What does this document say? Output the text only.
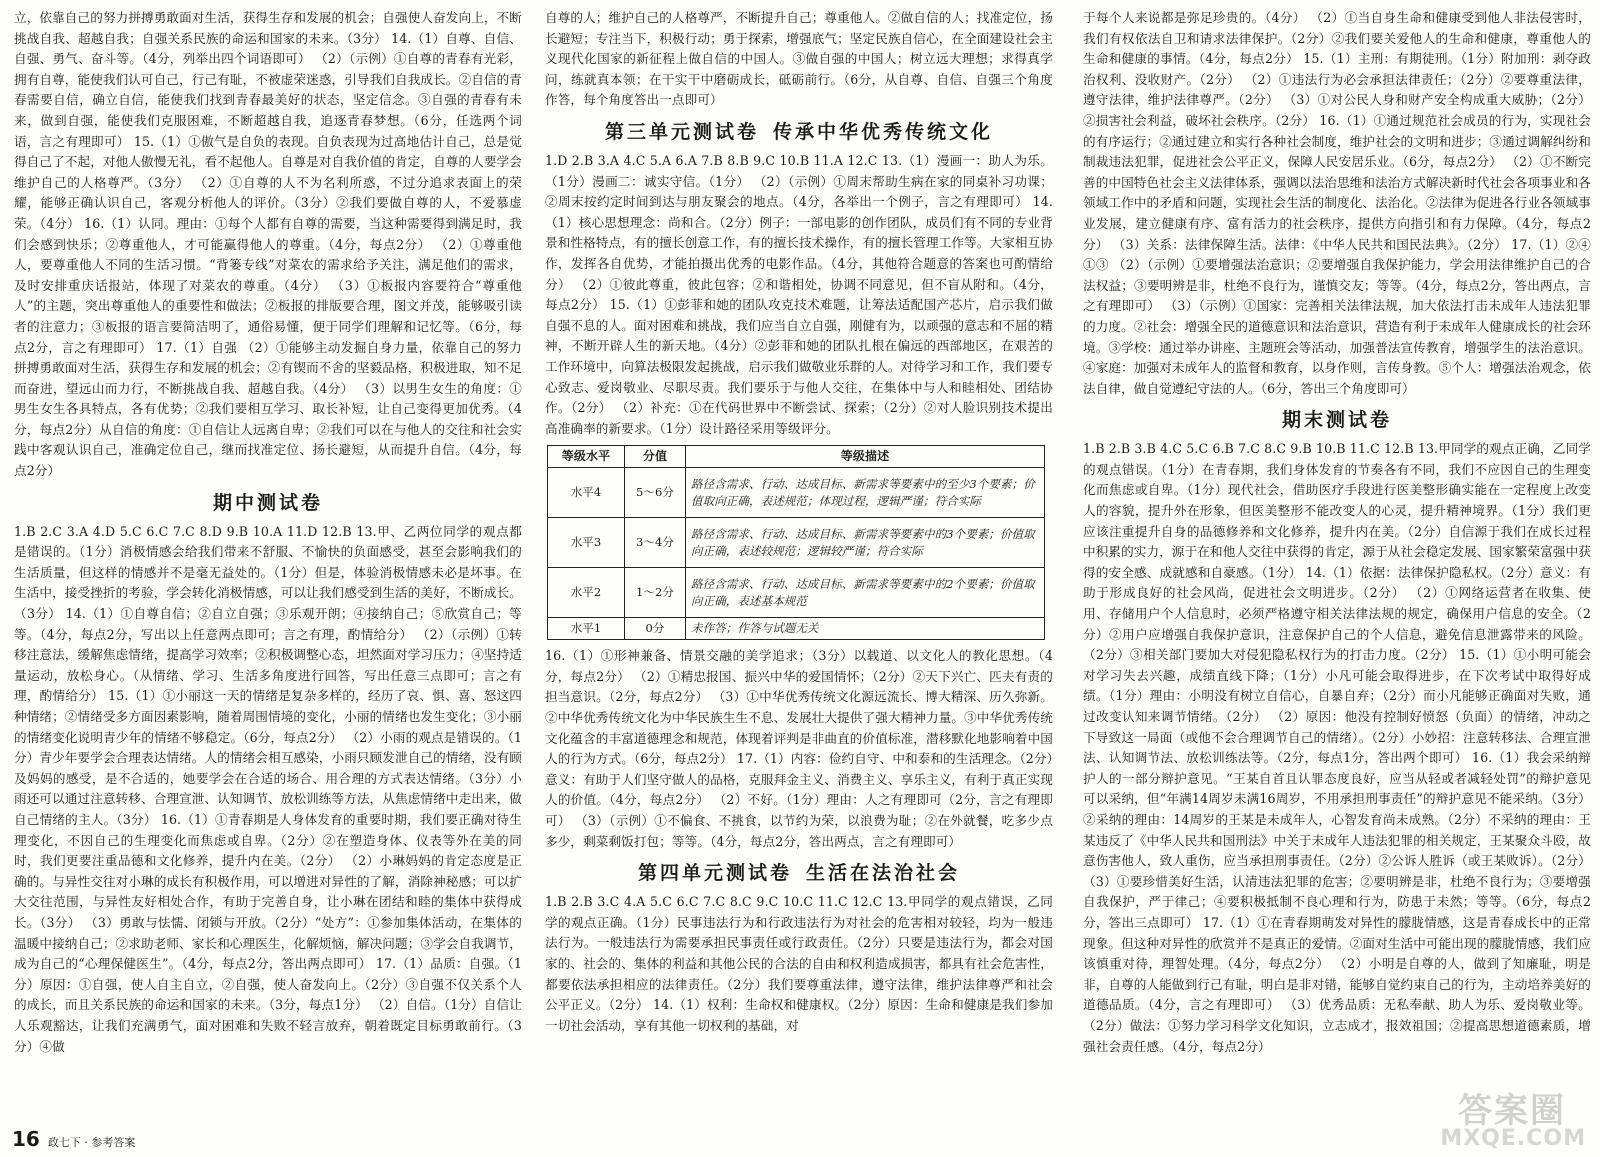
立，依靠自己的努力拼搏勇敢面对生活，获得生存和发展的机会；自强使人奋发向上，不断挑战自我、超越自我；自强关系民族的命运和国家的未来。（3分） 14.（1）自尊、自信、自强、勇气、奋斗等。（4分，列举出四个词语即可） （2）（示例）①自尊的青春有光彩，拥有自尊，能使我们认可自己，行己有耻，不被虚荣迷惑，引导我们自我成长。②自信的青春需要自信，确立自信，能使我们找到青春最美好的状态，坚定信念。③自强的青春有未来，做到自强，能使我们克服困难，不断超越自我，追逐青春梦想。（6分，任选两个词语，言之有理即可） 15.（1）①傲气是自负的表现。自负表现为过高地估计自己，总是觉得自己了不起，对他人傲慢无礼，看不起他人。自尊是对自我价值的肯定，自尊的人要学会维护自己的人格尊严。（3分） （2）①自尊的人不为名利所惑，不过分追求表面上的荣耀，能够正确认识自己，客观分析他人的评价。（3分）②我们要做自尊的人，不爱慕虚荣。（4分） 16.（1）认同。理由：①每个人都有自尊的需要，当这种需要得到满足时，我们会感到快乐；②尊重他人，才可能赢得他人的尊重。（4分，每点2分） （2）①尊重他人，要尊重他人不同的生活习惯。“背篓专线”对菜农的需求给予关注，满足他们的需求，及时安排重庆话报站，体现了对菜农的尊重。（4分） （3）①板报内容要符合“尊重他人”的主题，突出尊重他人的重要性和做法；②板报的排版要合理，图文并茂，能够吸引读者的注意力；③板报的语言要简洁明了，通俗易懂，便于同学们理解和记忆等。（6分，每点2分，言之有理即可） 17.（1）自强 （2）①能够主动发掘自身力量，依靠自己的努力拼搏勇敢面对生活，获得生存和发展的机会；②有锲而不舍的坚毅品格，积极进取，知不足而奋进，望远山而力行，不断挑战自我、超越自我。（4分） （3）以男生女生的角度：①男生女生各具特点，各有优势；②我们要相互学习、取长补短，让自己变得更加优秀。（4分，每点2分）从自信的角度：①自信让人远离自卑；②我们可以在与他人的交往和社会实践中客观认识自己，准确定位自己，继而找准定位、扬长避短，从而提升自信。（4分，每点2分）

期中测试卷

1.B 2.C 3.A 4.D 5.C 6.C 7.C 8.D 9.B 10.A 11.D 12.B 13.甲、乙两位同学的观点都是错误的。（1分）消极情感会给我们带来不舒服、不愉快的负面感受，甚至会影响我们的生活质量，但这样的情感并不是毫无益处的。（1分）但是，体验消极情感未必是坏事。在生活中，接受挫折的考验，学会转化消极情感，可以让我们感受到生活的美好，不断成长。（3分） 14.（1）①自尊自信；②自立自强；③乐观开朗；④接纳自己；⑤欣赏自己；等等。（4分，每点2分，写出以上任意两点即可；言之有理，酌情给分） （2）（示例）①转移注意法，缓解焦虑情绪，提高学习效率；②积极调整心态，坦然面对学习压力；④坚持适量运动，放松身心。（从情绪、学习、生活多角度进行回答，写出任意三点即可；言之有理，酌情给分） 15.（1）①小丽这一天的情绪是复杂多样的，经历了哀、惧、喜、怒这四种情绪；②情绪受多方面因素影响，随着周围情境的变化，小丽的情绪也发生变化；③小丽的情绪变化说明青少年的情绪不够稳定。（6分，每点2分） （2）小雨的观点是错误的。（1分）青少年要学会合理表达情绪。人的情绪会相互感染，小雨只顾发泄自己的情绪，没有顾及妈妈的感受，是不合适的，她要学会在合适的场合、用合理的方式表达情绪。（3分）小雨还可以通过注意转移、合理宣泄、认知调节、放松训练等方法，从焦虑情绪中走出来，做自己情绪的主人。（3分） 16.（1）①青春期是人身体发育的重要时期，我们要正确对待生理变化，不因自己的生理变化而焦虑或自卑。（2分）②在塑造身体、仪表等外在美的同时，我们更要注重品德和文化修养，提升内在美。（2分） （2）小琳妈妈的肯定态度是正确的。与异性交往对小琳的成长有积极作用，可以增进对异性的了解，消除神秘感；可以扩大交往范围，与异性友好相处合作，有助于完善自身，让小琳在团结和睦的集体中获得成长。（3分） （3）勇敢与怯懦、闭锁与开放。（2分）“处方”：①参加集体活动，在集体的温暖中接纳自己；②求助老师、家长和心理医生，化解烦恼，解决问题；③学会自我调节，成为自己的“心理保健医生”。（4分，每点2分，答出两点即可） 17.（1）品质：自强。（1分）原因：①自强，使人自主自立，②自强，使人奋发向上。（2分）③自强不仅关系个人的成长，而且关系民族的命运和国家的未来。（3分，每点1分） （2）自信。（1分）自信让人乐观豁达，让我们充满勇气，面对困难和失败不轻言放弃，朝着既定目标勇敢前行。（3分）④做

自尊的人；维护自己的人格尊严，不断提升自己；尊重他人。②做自信的人；找准定位，扬长避短；专注当下，积极行动；勇于探索，增强底气；坚定民族自信心，在全面建设社会主义现代化国家的新征程上做自信的中国人。③做自强的中国人；树立远大理想；求得真学问，练就真本领；在干实干中磨砺成长，砥砺前行。（6分，从自尊、自信、自强三个角度作答，每个角度答出一点即可）

第三单元测试卷 传承中华优秀传统文化

1.D 2.B 3.A 4.C 5.A 6.A 7.B 8.B 9.C 10.B 11.A 12.C 13.（1）漫画一：助人为乐。（1分）漫画二：诚实守信。（1分） （2）（示例）①周末帮助生病在家的同桌补习功课；②周末按约定时间到达与朋友聚会的地点。（4分，各举出一个例子，言之有理即可） 14.（1）核心思想理念：尚和合。（2分）例子：一部电影的创作团队，成员们有不同的专业背景和性格特点，有的擅长创意工作，有的擅长技术操作，有的擅长管理工作等。大家相互协作，发挥各自优势，才能拍摄出优秀的电影作品。（4分，其他符合题意的答案也可酌情给分） （2）①彼此尊重，彼此包容；②和谐相处，协调不同意见，但不盲从附和。（4分，每点2分） 15.（1）①彭菲和她的团队攻克技术难题，让筹法适配国产芯片，启示我们做自强不息的人。面对困难和挑战，我们应当自立自强，刚健有为，以顽强的意志和不屈的精神，不断开辟人生的新天地。（4分）②彭菲和她的团队扎根在偏远的西部地区，在艰苦的工作环境中，向算法极限发起挑战，启示我们做敬业乐群的人。对待学习和工作，我们要专心致志、爱岗敬业、尽职尽责。我们要乐于与他人交往，在集体中与人和睦相处、团结协作。（2分） （2）补充：①在代码世界中不断尝试、探索；（2分）②对人脸识别技术提出高准确率的新要求。（1分）设计路径采用等级评分。

等级水平	分值	等级描述
水平4	5～6分	路径含需求、行动、达成目标、新需求等要素中的至少3个要素；价值取向正确，表述规范；体现过程，逻辑严谨；符合实际
水平3	3～4分	路径含需求、行动、达成目标、新需求等要素中的3个要素；价值取向正确，表述较规范；逻辑较严谨；符合实际
水平2	1～2分	路径含需求、行动、达成目标、新需求等要素中的2个要素；价值取向正确，表述基本规范
水平1	0分	未作答；作答与试题无关

16.（1）①形神兼备、情景交融的美学追求；（3分）以载道、以文化人的教化思想。（4分，每点2分） （2）①精忠报国、振兴中华的爱国情怀；（2分）②天下兴亡、匹夫有责的担当意识。（2分，每点2分） （3）①中华优秀传统文化源远流长、博大精深、历久弥新。②中华优秀传统文化为中华民族生生不息、发展壮大提供了强大精神力量。③中华优秀传统文化蕴含的丰富道德理念和规范，体现着评判是非曲直的价值标准，潜移默化地影响着中国人的行为方式。（6分，每点2分） 17.（1）内容：俭约自守、中和泰和的生活理念。（2分）意义：有助于人们坚守做人的品格，克服拜金主义、消费主义、享乐主义，有利于真正实现人的价值。（4分，每点2分） （2）不好。（1分）理由：人之有理即可（2分，言之有理即可） （3）（示例）①不偏食、不挑食，以节约为荣，以浪费为耻；②在外就餐，吃多少点多少，剩菜剩饭打包；等等。（4分，每点2分，答出两点，言之有理即可）

第四单元测试卷 生活在法治社会

1.B 2.B 3.C 4.A 5.C 6.C 7.C 8.C 9.C 10.C 11.C 12.C 13.甲同学的观点错误，乙同学的观点正确。（1分）民事违法行为和行政违法行为对社会的危害相对较轻，均为一般违法行为。一般违法行为需要承担民事责任或行政责任。（2分）只要是违法行为，都会对国家的、社会的、集体的利益和其他公民的合法的自由和权利造成损害，都具有社会危害性，都要依法承担相应的法律责任。（2分）我们要尊重法律，遵守法律，维护法律尊严和社会公平正义。（2分） 14.（1）权利：生命权和健康权。（2分）原因：生命和健康是我们参加一切社会活动，享有其他一切权利的基础，对

于每个人来说都是弥足珍贵的。（4分） （2）①当自身生命和健康受到他人非法侵害时，我们有权依法自卫和请求法律保护。（2分）②我们要关爱他人的生命和健康，尊重他人的生命和健康的事情。（4分，每点2分） 15.（1）主刑：有期徒刑。（1分）附加刑：剥夺政治权利、没收财产。（2分） （2）①违法行为必会承担法律责任；（2分）②要尊重法律，遵守法律，维护法律尊严。（2分） （3）①对公民人身和财产安全构成重大威胁；（2分）②损害社会利益，破坏社会秩序。（2分） 16.（1）①通过规范社会成员的行为，实现社会的有序运行；②通过建立和实行各种社会制度，维护社会的文明和进步；③通过调解纠纷和制裁违法犯罪，促进社会公平正义，保障人民安居乐业。（6分，每点2分） （2）①不断完善的中国特色社会主义法律体系，强调以法治思维和法治方式解决新时代社会各项事业和各领域工作中的矛盾和问题，实现社会生活的制度化、法治化。②法律为促进各行业各领域事业发展，建立健康有序、富有活力的社会秩序，提供方向指引和有力保障。（4分，每点2分） （3）关系：法律保障生活。法律：《中华人民共和国民法典》。（2分） 17.（1）②④ ①③ （2）（示例）①要增强法治意识；②要增强自我保护能力，学会用法律维护自己的合法权益；③要明辨是非，杜绝不良行为，谨慎交友；等等。（4分，每点2分，答出两点，言之有理即可） （3）（示例）①国家：完善相关法律法规，加大依法打击未成年人违法犯罪的力度。②社会：增强全民的道德意识和法治意识，营造有利于未成年人健康成长的社会环境。③学校：通过举办讲座、主题班会等活动，加强普法宣传教育，增强学生的法治意识。④家庭：加强对未成年人的监督和教育，以身作则，言传身教。⑤个人：增强法治观念，依法自律，做自觉遵纪守法的人。（6分，答出三个角度即可）

期末测试卷

1.B 2.B 3.B 4.C 5.C 6.B 7.C 8.C 9.B 10.B 11.C 12.B 13.甲同学的观点正确，乙同学的观点错误。（1分）在青春期，我们身体发育的节奏各有不同，我们不应因自己的生理变化而焦虑或自卑。（1分）现代社会，借助医疗手段进行医美整形确实能在一定程度上改变人的容貌，提升外在形象，但医美整形不能改变人的心灵，提升精神境界。（1分）我们更应该注重提升自身的品德修养和文化修养，提升内在美。（2分）自信源于我们在成长过程中积累的实力，源于在和他人交往中获得的肯定，源于从社会稳定发展、国家繁荣富强中获得的安全感、成就感和自豪感。（1分） 14.（1）依据：法律保护隐私权。（2分）意义：有助于形成良好的社会风尚，促进社会文明进步。（2分） （2）①网络运营者在收集、使用、存储用户个人信息时，必须严格遵守相关法律法规的规定，确保用户信息的安全。（2分）②用户应增强自我保护意识，注意保护自己的个人信息，避免信息泄露带来的风险。（2分）③相关部门要加大对侵犯隐私权行为的打击力度。（2分） 15.（1）①小明可能会对学习失去兴趣，成绩直线下降；（1分）小凡可能会取得进步，在下次考试中取得好成绩。（1分）理由：小明没有树立自信心，自暴自弃；（2分）而小凡能够正确面对失败，通过改变认知来调节情绪。（2分） （2）原因：他没有控制好愤怒（负面）的情绪，冲动之下导致这一局面（或他不会合理调节自己的情绪）。（2分）小妙招：注意转移法、合理宣泄法、认知调节法、放松训练法等。（2分，每点1分，答出两个即可） 16.（1）我会采纳辩护人的一部分辩护意见。“王某自首且认罪态度良好，应当从轻或者减轻处罚”的辩护意见可以采纳，但“年满14周岁未满16周岁，不用承担刑事责任”的辩护意见不能采纳。（3分）②采纳的理由：14周岁的王某是未成年人，心智发育尚未成熟。（2分）不采纳的理由：王某违反了《中华人民共和国刑法》中关于未成年人违法犯罪的相关规定，王某聚众斗殴，故意伤害他人，致人重伤，应当承担刑事责任。（2分）②公诉人胜诉（或王某败诉）。（2分） （3）①要珍惜美好生活，认清违法犯罪的危害；②要明辨是非，杜绝不良行为；③要增强自我保护，严于律己；④要积极抵制不良心理和行为，防患于未然；等等。（6分，每点2分，答出三点即可） 17.（1）①在青春期萌发对异性的朦胧情感，这是青春成长中的正常现象。但这种对异性的欣赏并不是真正的爱情。②面对生活中可能出现的朦胧情感，我们应该慎重对待，理智处理。（4分，每点2分） （2）小明是自尊的人，做到了知廉耻，明是非，自尊的人能做到行己有耻，明白是非对错，能够自觉约束自己的行为，主动培养美好的道德品质。（4分，言之有理即可） （3）优秀品质：无私奉献、助人为乐、爱岗敬业等。（2分）做法：①努力学习科学文化知识，立志成才，报效祖国；②提高思想道德素质，增强社会责任感。（4分，每点2分）

16 政七下 · 参考答案
答案圈
MXQE.COM
